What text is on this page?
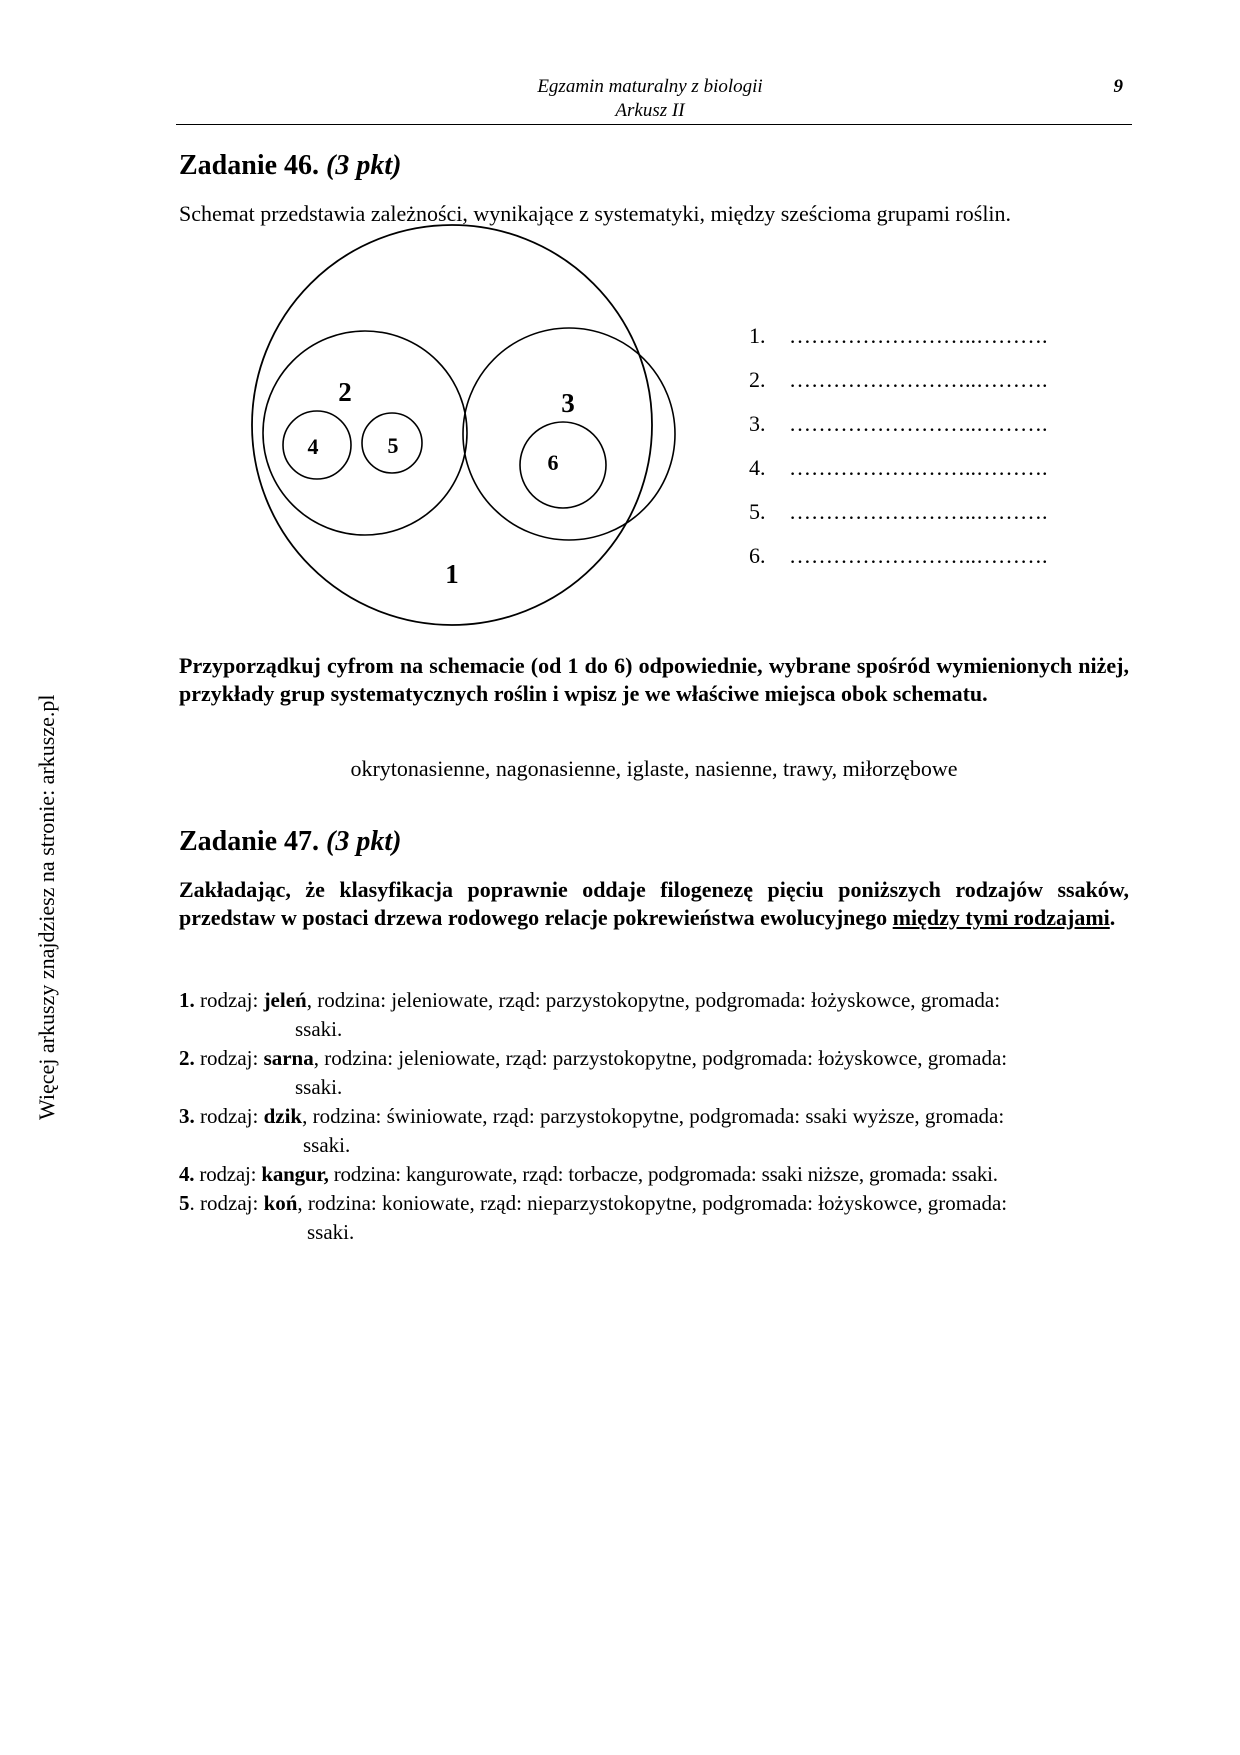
Egzamin maturalny z biologii
Arkusz II
9
Więcej arkuszy znajdziesz na stronie: arkusze.pl
Zadanie 46. (3 pkt)
Schemat przedstawia zależności, wynikające z systematyki, między sześcioma grupami roślin.
1
2	3
4	5
6
1. ……………………..……….
2. ……………………..……….
3. ……………………..……….
4. ……………………..……….
5. ……………………..……….
6. ……………………..……….
Przyporządkuj cyfrom na schemacie (od 1 do 6) odpowiednie, wybrane spośród wymienionych niżej, przykłady grup systematycznych roślin i wpisz je we właściwe miejsca obok schematu.
okrytonasienne, nagonasienne, iglaste, nasienne, trawy, miłorzębowe
Zadanie 47. (3 pkt)
Zakładając, że klasyfikacja poprawnie oddaje filogenezę pięciu poniższych rodzajów ssaków, przedstaw w postaci drzewa rodowego relacje pokrewieństwa ewolucyjnego między tymi rodzajami.
1. rodzaj: jeleń, rodzina: jeleniowate, rząd: parzystokopytne, podgromada: łożyskowce, gromada:
ssaki.
2. rodzaj: sarna, rodzina: jeleniowate, rząd: parzystokopytne, podgromada: łożyskowce, gromada:
ssaki.
3. rodzaj: dzik, rodzina: świniowate, rząd: parzystokopytne, podgromada: ssaki wyższe, gromada:
ssaki.
4. rodzaj: kangur, rodzina: kangurowate, rząd: torbacze, podgromada: ssaki niższe, gromada: ssaki.
5. rodzaj: koń, rodzina: koniowate, rząd: nieparzystokopytne, podgromada: łożyskowce, gromada:
ssaki.
